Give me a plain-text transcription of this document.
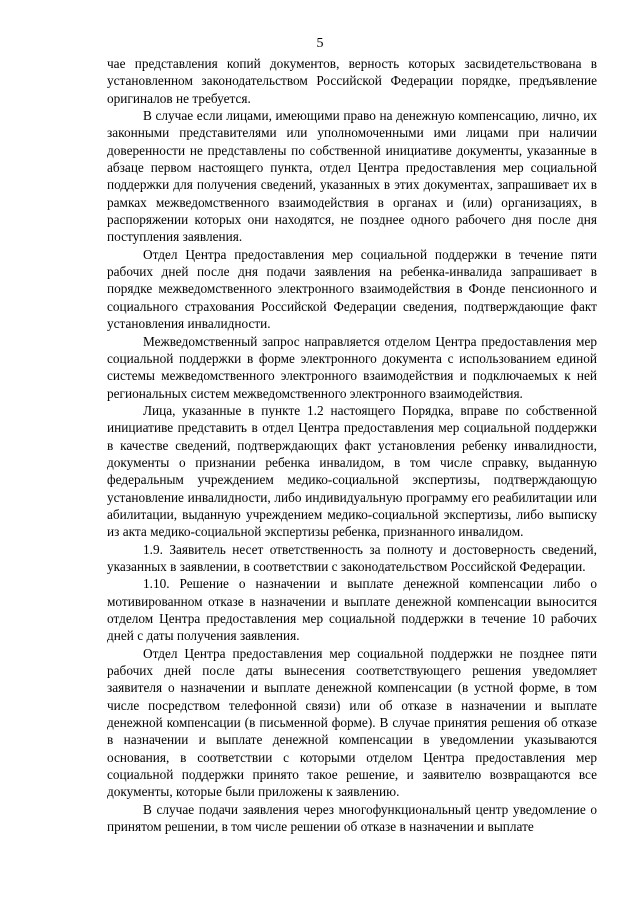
5

чае представления копий документов, верность которых засвидетельствована в установленном законодательством Российской Федерации порядке, предъявление оригиналов не требуется.

В случае если лицами, имеющими право на денежную компенсацию, лично, их законными представителями или уполномоченными ими лицами при наличии доверенности не представлены по собственной инициативе документы, указанные в абзаце первом настоящего пункта, отдел Центра предоставления мер социальной поддержки для получения сведений, указанных в этих документах, запрашивает их в рамках межведомственного взаимодействия в органах и (или) организациях, в распоряжении которых они находятся, не позднее одного рабочего дня после дня поступления заявления.

Отдел Центра предоставления мер социальной поддержки в течение пяти рабочих дней после дня подачи заявления на ребенка-инвалида запрашивает в порядке межведомственного электронного взаимодействия в Фонде пенсионного и социального страхования Российской Федерации сведения, подтверждающие факт установления инвалидности.

Межведомственный запрос направляется отделом Центра предоставления мер социальной поддержки в форме электронного документа с использованием единой системы межведомственного электронного взаимодействия и подключаемых к ней региональных систем межведомственного электронного взаимодействия.

Лица, указанные в пункте 1.2 настоящего Порядка, вправе по собственной инициативе представить в отдел Центра предоставления мер социальной поддержки в качестве сведений, подтверждающих факт установления ребенку инвалидности, документы о признании ребенка инвалидом, в том числе справку, выданную федеральным учреждением медико-социальной экспертизы, подтверждающую установление инвалидности, либо индивидуальную программу его реабилитации или абилитации, выданную учреждением медико-социальной экспертизы, либо выписку из акта медико-социальной экспертизы ребенка, признанного инвалидом.

1.9. Заявитель несет ответственность за полноту и достоверность сведений, указанных в заявлении, в соответствии с законодательством Российской Федерации.

1.10. Решение о назначении и выплате денежной компенсации либо о мотивированном отказе в назначении и выплате денежной компенсации выносится отделом Центра предоставления мер социальной поддержки в течение 10 рабочих дней с даты получения заявления.

Отдел Центра предоставления мер социальной поддержки не позднее пяти рабочих дней после даты вынесения соответствующего решения уведомляет заявителя о назначении и выплате денежной компенсации (в устной форме, в том числе посредством телефонной связи) или об отказе в назначении и выплате денежной компенсации (в письменной форме). В случае принятия решения об отказе в назначении и выплате денежной компенсации в уведомлении указываются основания, в соответствии с которыми отделом Центра предоставления мер социальной поддержки принято такое решение, и заявителю возвращаются все документы, которые были приложены к заявлению.

В случае подачи заявления через многофункциональный центр уведомление о принятом решении, в том числе решении об отказе в назначении и выплате
